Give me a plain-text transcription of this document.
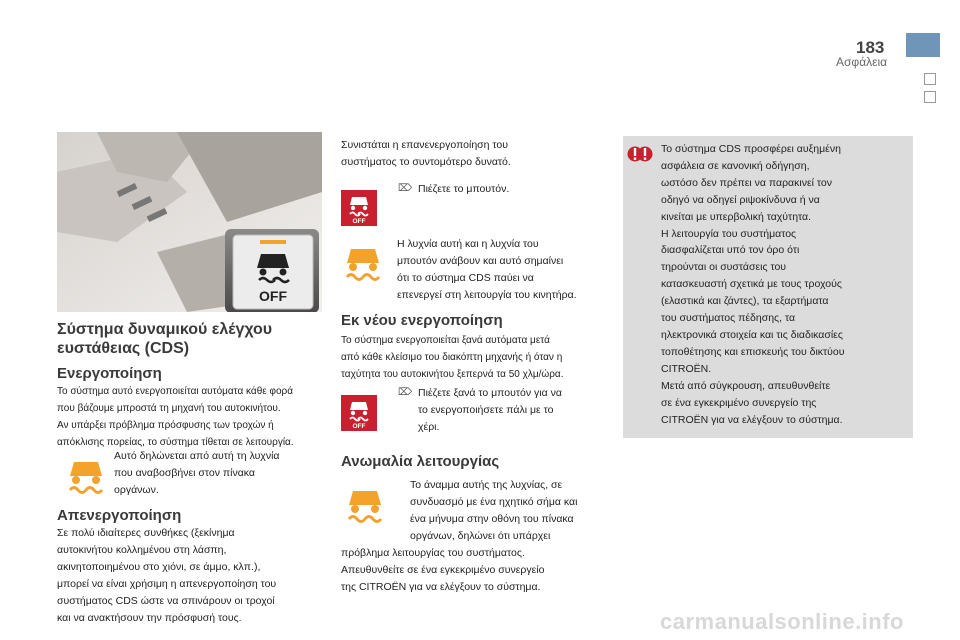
183
Ασφάλεια
OFF
Σύστημα δυναμικού ελέγχου ευστάθειας (CDS)
Ενεργοποίηση
Το σύστημα αυτό ενεργοποιείται αυτόματα κάθε φορά
που βάζουμε μπροστά τη μηχανή του αυτοκινήτου.
Αν υπάρξει πρόβλημα πρόσφυσης των τροχών ή
απόκλισης πορείας, το σύστημα τίθεται σε λειτουργία.
Αυτό δηλώνεται από αυτή τη λυχνία
που αναβοσβήνει στον πίνακα
οργάνων.
Απενεργοποίηση
Σε πολύ ιδιαίτερες συνθήκες (ξεκίνημα
αυτοκινήτου κολλημένου στη λάσπη,
ακινητοποιημένου στο χιόνι, σε άμμο, κλπ.),
μπορεί να είναι χρήσιμη η απενεργοποίηση του
συστήματος CDS ώστε να σπινάρουν οι τροχοί
και να ανακτήσουν την πρόσφυσή τους.
Συνιστάται η επανενεργοποίηση του
συστήματος το συντομότερο δυνατό.
OFF
⌦ Πιέζετε το μπουτόν.
Η λυχνία αυτή και η λυχνία του
μπουτόν ανάβουν και αυτό σημαίνει
ότι το σύστημα CDS παύει να
επενεργεί στη λειτουργία του κινητήρα.
Εκ νέου ενεργοποίηση
Το σύστημα ενεργοποιείται ξανά αυτόματα μετά
από κάθε κλείσιμο του διακόπτη μηχανής ή όταν η
ταχύτητα του αυτοκινήτου ξεπερνά τα 50 χλμ/ώρα.
OFF
⌦ Πιέζετε ξανά το μπουτόν για να
το ενεργοποιήσετε πάλι με το
χέρι.
Ανωμαλία λειτουργίας
Το άναμμα αυτής της λυχνίας, σε
συνδυασμό με ένα ηχητικό σήμα και
ένα μήνυμα στην οθόνη του πίνακα
οργάνων, δηλώνει ότι υπάρχει
πρόβλημα λειτουργίας του συστήματος.
Απευθυνθείτε σε ένα εγκεκριμένο συνεργείο
της CITROËN για να ελέγξουν το σύστημα.
Το σύστημα CDS προσφέρει αυξημένη
ασφάλεια σε κανονική οδήγηση,
ωστόσο δεν πρέπει να παρακινεί τον
οδηγό να οδηγεί ριψοκίνδυνα ή να
κινείται με υπερβολική ταχύτητα.
Η λειτουργία του συστήματος
διασφαλίζεται υπό τον όρο ότι
τηρούνται οι συστάσεις του
κατασκευαστή σχετικά με τους τροχούς
(ελαστικά και ζάντες), τα εξαρτήματα
του συστήματος πέδησης, τα
ηλεκτρονικά στοιχεία και τις διαδικασίες
τοποθέτησης και επισκευής του δικτύου
CITROËN.
Μετά από σύγκρουση, απευθυνθείτε
σε ένα εγκεκριμένο συνεργείο της
CITROËN για να ελέγξουν το σύστημα.
carmanualsonline.info
